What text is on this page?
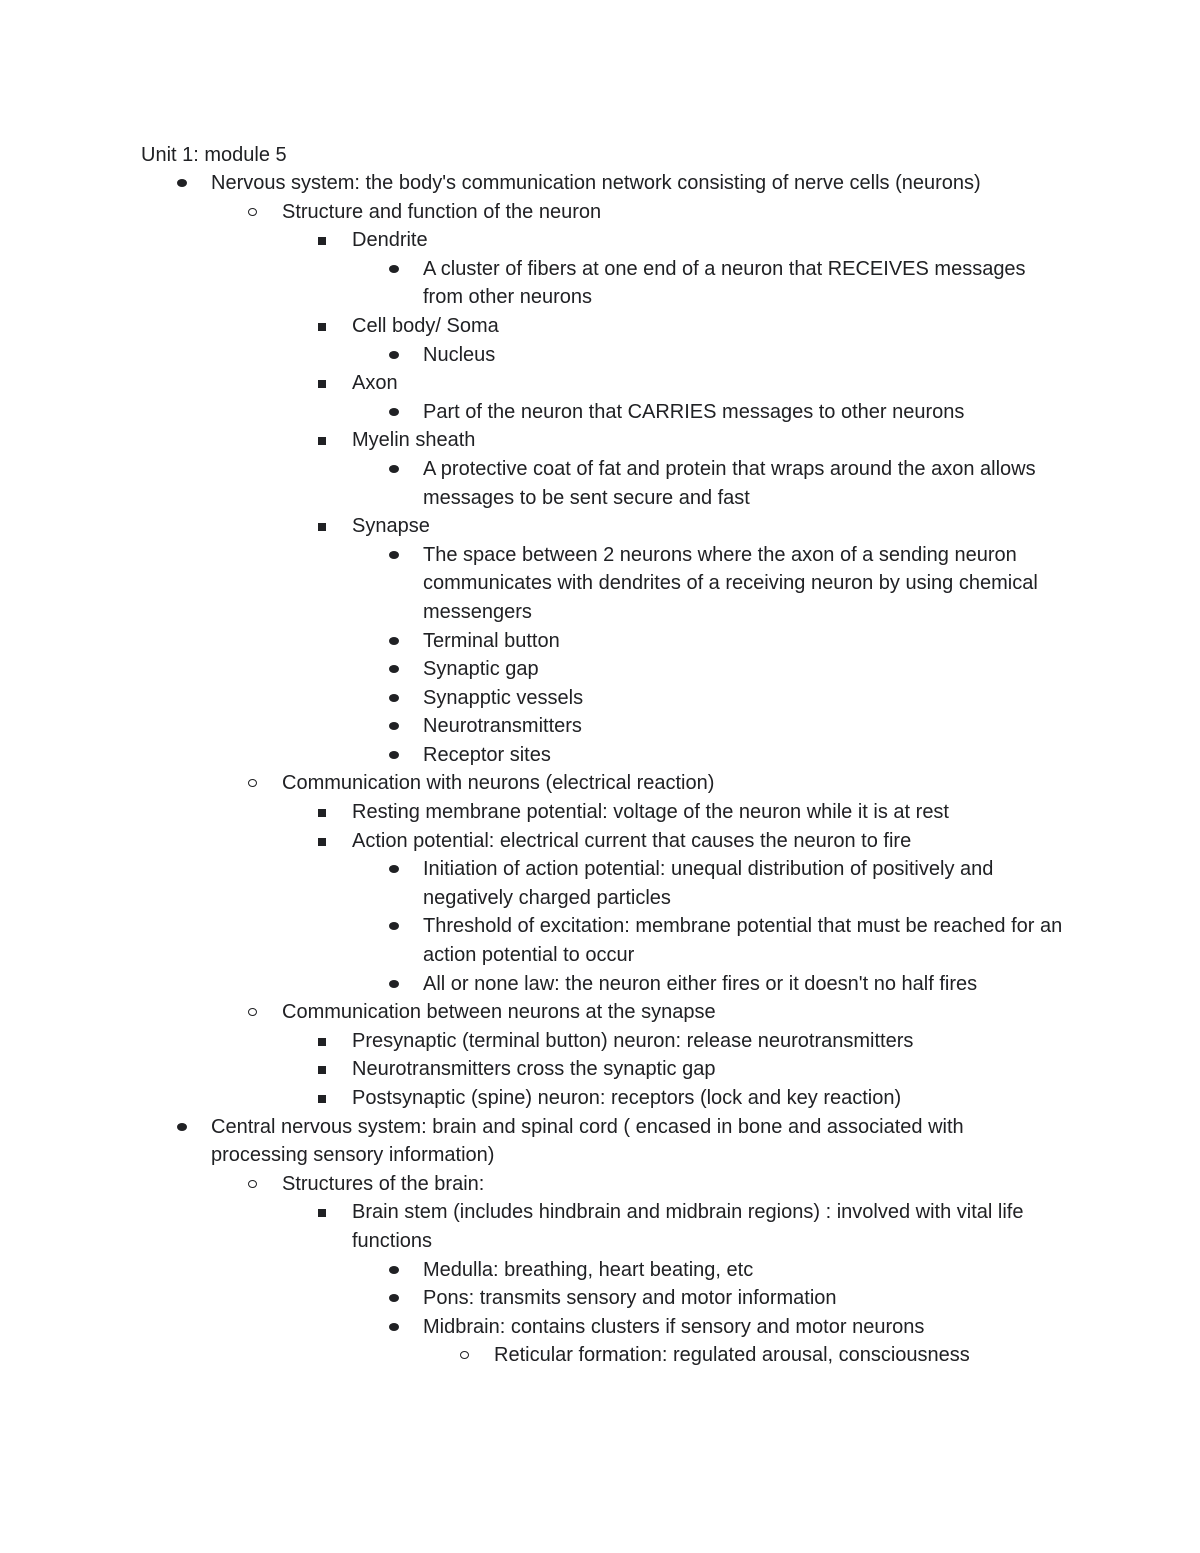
Unit 1: module 5
Nervous system: the body's communication network consisting of nerve cells (neurons)
Structure and function of the neuron
Dendrite
A cluster of fibers at one end of a neuron that RECEIVES messages from other neurons
Cell body/ Soma
Nucleus
Axon
Part of the neuron that CARRIES messages to other neurons
Myelin sheath
A protective coat of fat and protein that wraps around the axon allows messages to be sent secure and fast
Synapse
The space between 2 neurons where the axon of a sending neuron communicates with dendrites of a receiving neuron by using chemical messengers
Terminal button
Synaptic gap
Synapptic vessels
Neurotransmitters
Receptor sites
Communication with neurons (electrical reaction)
Resting membrane potential: voltage of the neuron while it is at rest
Action potential: electrical current that causes the neuron to fire
Initiation of action potential: unequal distribution of positively and negatively charged particles
Threshold of excitation: membrane potential that must be reached for an action potential to occur
All or none law: the neuron either fires or it doesn't no half fires
Communication between neurons at the synapse
Presynaptic (terminal button) neuron: release neurotransmitters
Neurotransmitters cross the synaptic gap
Postsynaptic (spine) neuron: receptors (lock and key reaction)
Central nervous system: brain and spinal cord ( encased in bone and associated with processing sensory information)
Structures of the brain:
Brain stem (includes hindbrain and midbrain regions) : involved with vital life functions
Medulla: breathing, heart beating, etc
Pons: transmits sensory and motor information
Midbrain: contains clusters if sensory and motor neurons
Reticular formation: regulated arousal, consciousness
